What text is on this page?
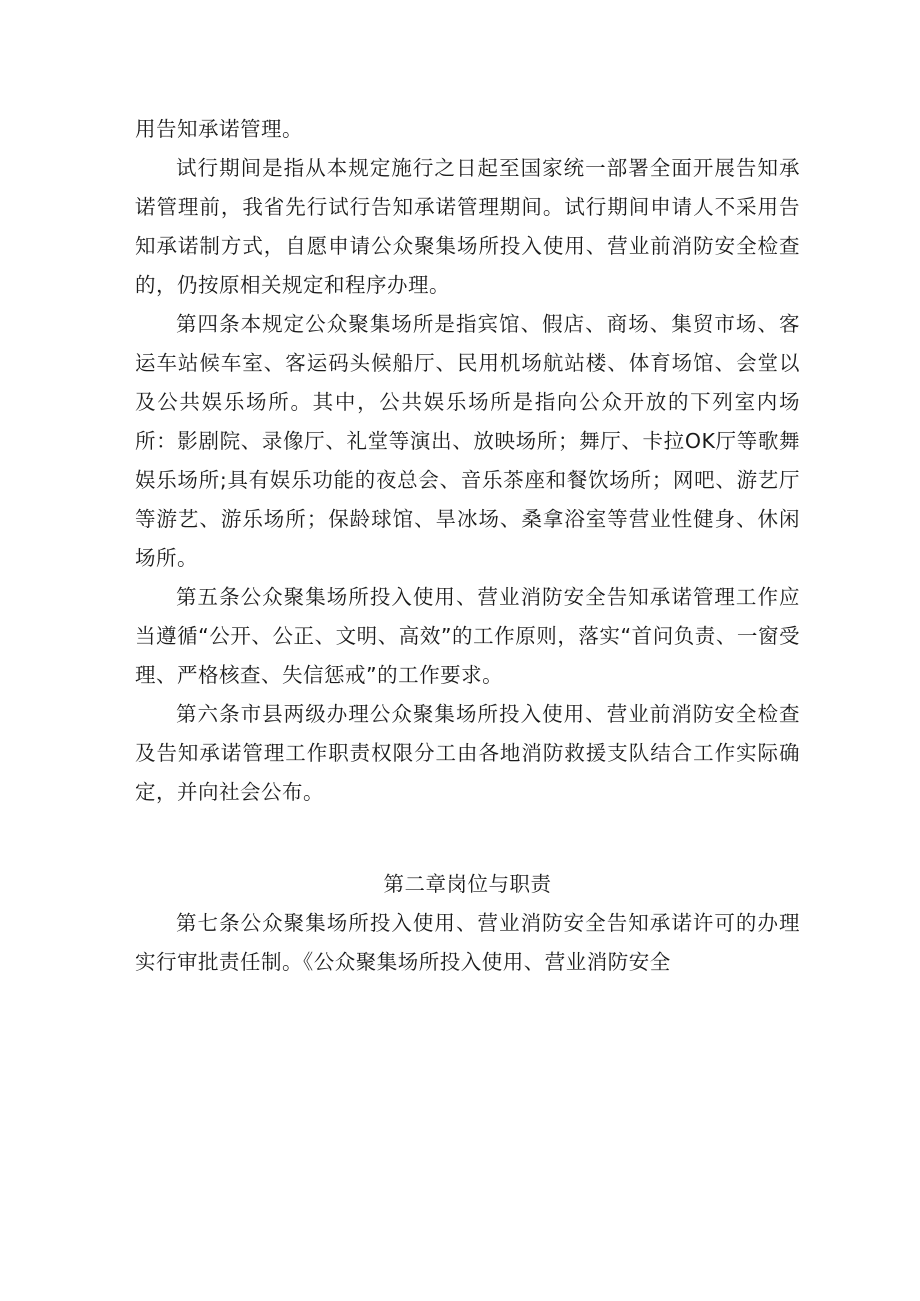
用告知承诺管理。

试行期间是指从本规定施行之日起至国家统一部署全面开展告知承诺管理前，我省先行试行告知承诺管理期间。试行期间申请人不采用告知承诺制方式，自愿申请公众聚集场所投入使用、营业前消防安全检查的，仍按原相关规定和程序办理。

第四条本规定公众聚集场所是指宾馆、假店、商场、集贸市场、客运车站候车室、客运码头候船厅、民用机场航站楼、体育场馆、会堂以及公共娱乐场所。其中，公共娱乐场所是指向公众开放的下列室内场所：影剧院、录像厅、礼堂等演出、放映场所；舞厅、卡拉OK厅等歌舞娱乐场所;具有娱乐功能的夜总会、音乐茶座和餐饮场所；网吧、游艺厅等游艺、游乐场所；保龄球馆、旱冰场、桑拿浴室等营业性健身、休闲场所。

第五条公众聚集场所投入使用、营业消防安全告知承诺管理工作应当遵循“公开、公正、文明、高效”的工作原则，落实“首问负责、一窗受理、严格核查、失信惩戒”的工作要求。

第六条市县两级办理公众聚集场所投入使用、营业前消防安全检查及告知承诺管理工作职责权限分工由各地消防救援支队结合工作实际确定，并向社会公布。

第二章岗位与职责

第七条公众聚集场所投入使用、营业消防安全告知承诺许可的办理实行审批责任制。《公众聚集场所投入使用、营业消防安全
